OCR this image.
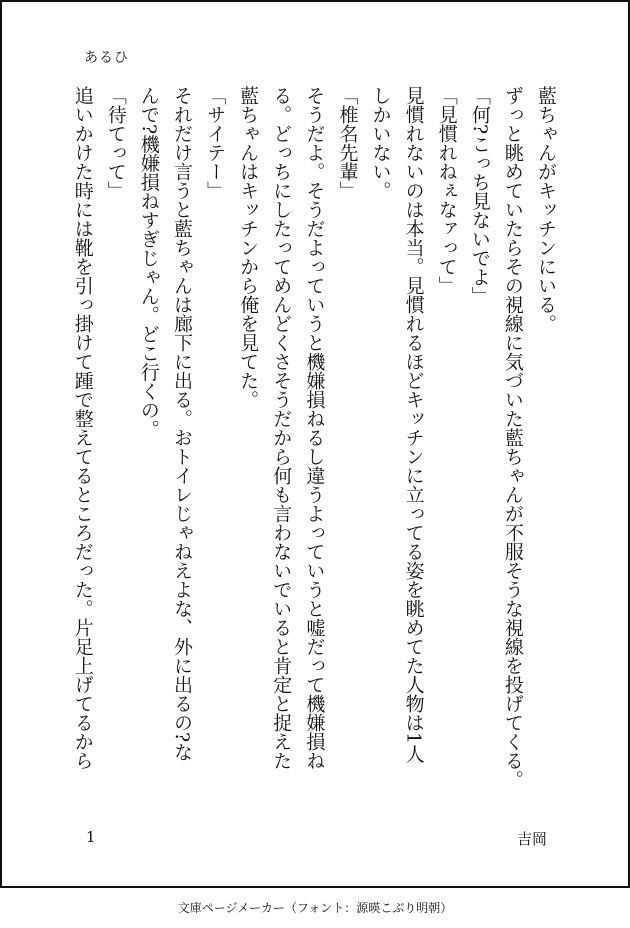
あるひ
藍ちゃんがキッチンにいる。
ずっと眺めていたらその視線に気づいた藍ちゃんが不服そうな視線を投げてくる。
「何?こっち見ないでよ」
「見慣れねぇなァって」
見慣れないのは本当。見慣れるほどキッチンに立ってる姿を眺めてた人物は1人
しかいない。
「椎名先輩」
そうだよ。そうだよっていうと機嫌損ねるし違うよっていうと嘘だって機嫌損ね
る。どっちにしたってめんどくさそうだから何も言わないでいると肯定と捉えた
藍ちゃんはキッチンから俺を見てた。
「サイテー」
それだけ言うと藍ちゃんは廊下に出る。おトイレじゃねえよな、外に出るの?な
んで?機嫌損ねすぎじゃん。どこ行くの。
「待てって」
追いかけた時には靴を引っ掛けて踵で整えてるところだった。片足上げてるから
1	吉岡
文庫ページメーカー（フォント：源暎こぶり明朝）
